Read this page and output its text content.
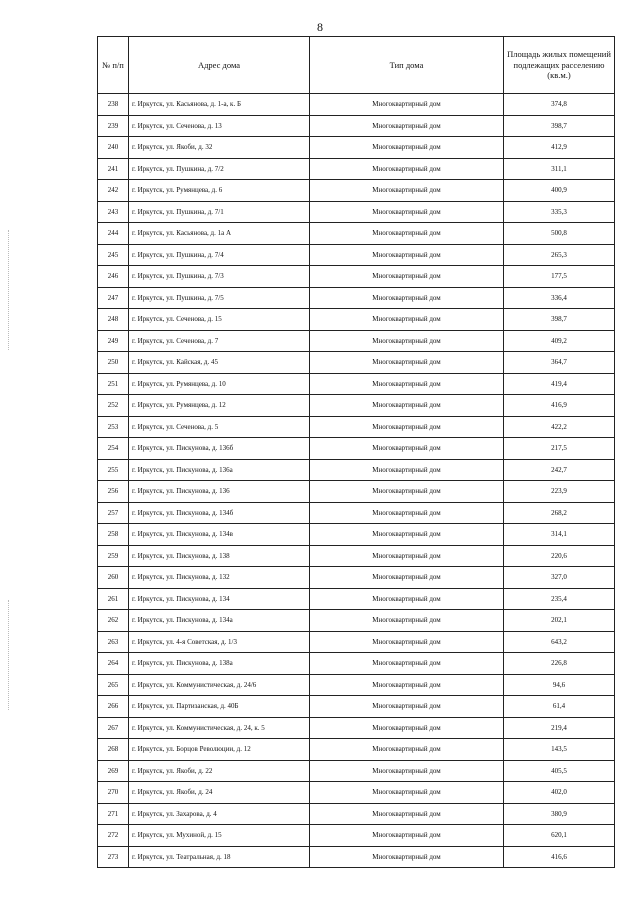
8
№ п/п	Адрес дома	Тип дома	Площадь жилых помещений подлежащих расселению (кв.м.)
238	г. Иркутск, ул. Касьянова, д. 1-а, к. Б	Многоквартирный дом	374,8
239	г. Иркутск, ул. Сеченова, д. 13	Многоквартирный дом	398,7
240	г. Иркутск, ул. Якоби, д. 32	Многоквартирный дом	412,9
241	г. Иркутск, ул. Пушкина, д. 7/2	Многоквартирный дом	311,1
242	г. Иркутск, ул. Румянцева, д. 6	Многоквартирный дом	400,9
243	г. Иркутск, ул. Пушкина, д. 7/1	Многоквартирный дом	335,3
244	г. Иркутск, ул. Касьянова, д. 1а А	Многоквартирный дом	500,8
245	г. Иркутск, ул. Пушкина, д. 7/4	Многоквартирный дом	265,3
246	г. Иркутск, ул. Пушкина, д. 7/3	Многоквартирный дом	177,5
247	г. Иркутск, ул. Пушкина, д. 7/5	Многоквартирный дом	336,4
248	г. Иркутск, ул. Сеченова, д. 15	Многоквартирный дом	398,7
249	г. Иркутск, ул. Сеченова, д. 7	Многоквартирный дом	409,2
250	г. Иркутск, ул. Кайская, д. 45	Многоквартирный дом	364,7
251	г. Иркутск, ул. Румянцева, д. 10	Многоквартирный дом	419,4
252	г. Иркутск, ул. Румянцева, д. 12	Многоквартирный дом	416,9
253	г. Иркутск, ул. Сеченова, д. 5	Многоквартирный дом	422,2
254	г. Иркутск, ул. Пискунова, д. 136б	Многоквартирный дом	217,5
255	г. Иркутск, ул. Пискунова, д. 136а	Многоквартирный дом	242,7
256	г. Иркутск, ул. Пискунова, д. 136	Многоквартирный дом	223,9
257	г. Иркутск, ул. Пискунова, д. 134б	Многоквартирный дом	268,2
258	г. Иркутск, ул. Пискунова, д. 134в	Многоквартирный дом	314,1
259	г. Иркутск, ул. Пискунова, д. 138	Многоквартирный дом	220,6
260	г. Иркутск, ул. Пискунова, д. 132	Многоквартирный дом	327,0
261	г. Иркутск, ул. Пискунова, д. 134	Многоквартирный дом	235,4
262	г. Иркутск, ул. Пискунова, д. 134а	Многоквартирный дом	202,1
263	г. Иркутск, ул. 4-я Советская, д. 1/3	Многоквартирный дом	643,2
264	г. Иркутск, ул. Пискунова, д. 138а	Многоквартирный дом	226,8
265	г. Иркутск, ул. Коммунистическая, д. 24/6	Многоквартирный дом	94,6
266	г. Иркутск, ул. Партизанская, д. 40Б	Многоквартирный дом	61,4
267	г. Иркутск, ул. Коммунистическая, д. 24, к. 5	Многоквартирный дом	219,4
268	г. Иркутск, ул. Борцов Революции, д. 12	Многоквартирный дом	143,5
269	г. Иркутск, ул. Якоби, д. 22	Многоквартирный дом	405,5
270	г. Иркутск, ул. Якоби, д. 24	Многоквартирный дом	402,0
271	г. Иркутск, ул. Захарова, д. 4	Многоквартирный дом	380,9
272	г. Иркутск, ул. Мухиной, д. 15	Многоквартирный дом	620,1
273	г. Иркутск, ул. Театральная, д. 18	Многоквартирный дом	416,6
